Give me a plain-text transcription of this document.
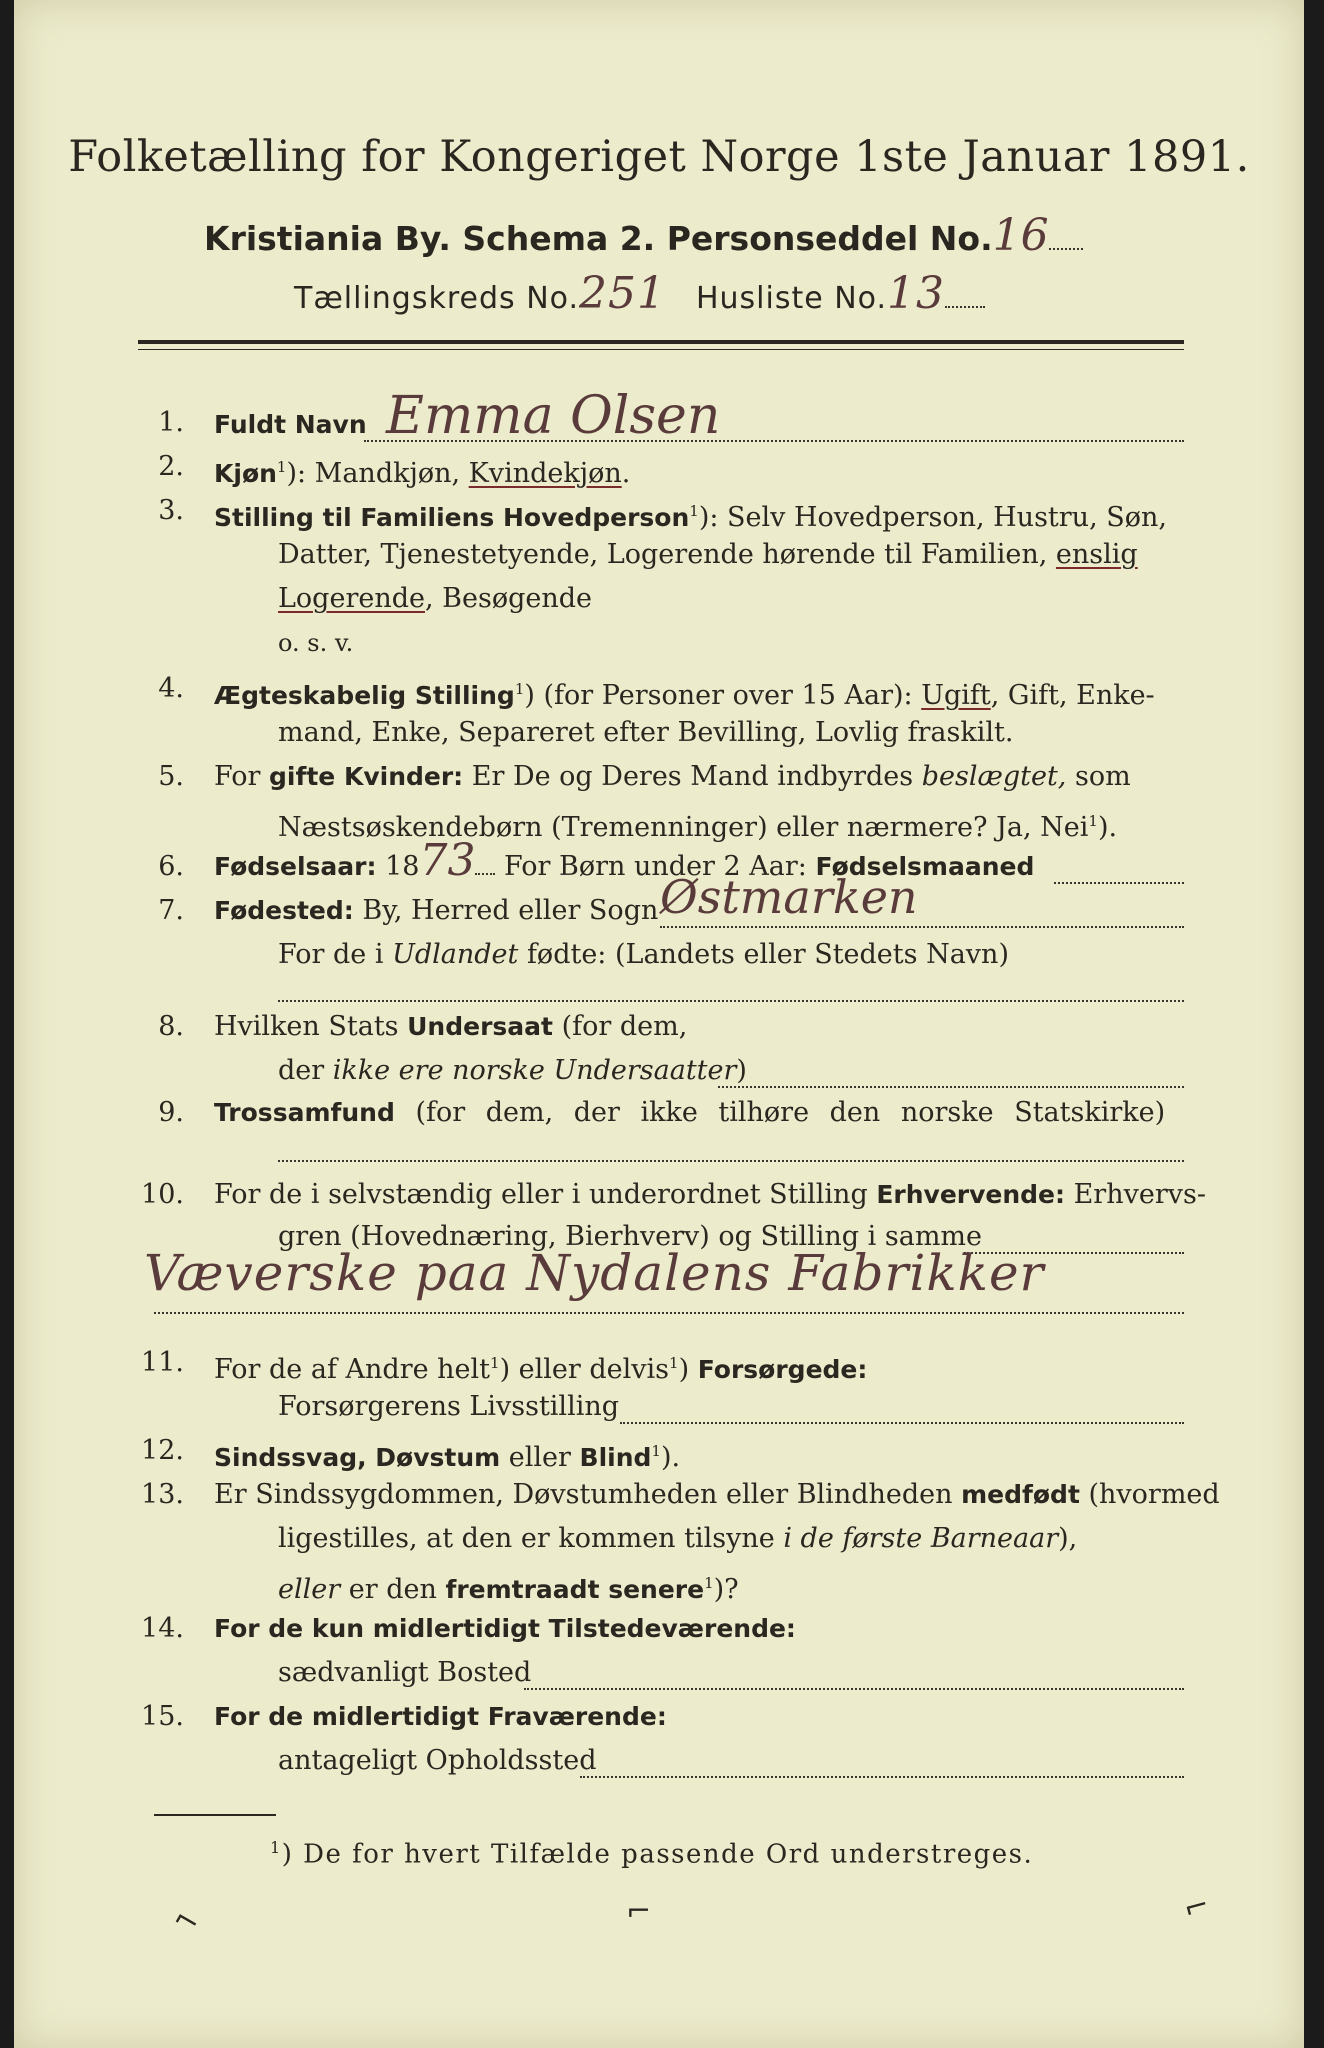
Folketælling for Kongeriget Norge 1ste Januar 1891.
Kristiania By. Schema 2. Personseddel No.16
Tællingskreds No.251 Husliste No.13
1. Fuldt Navn Emma Olsen
2. Kjøn$^1$): Mandkjøn, Kvindekjøn.
3. Stilling til Familiens Hovedperson$^1$): Selv Hovedperson, Hustru, Søn,
Datter, Tjenestetyende, Logerende hørende til Familien, enslig
Logerende, Besøgende
o. s. v.
4. Ægteskabelig Stilling$^1$) (for Personer over 15 Aar): Ugift, Gift, Enke-
mand, Enke, Separeret efter Bevilling, Lovlig fraskilt.
5. For gifte Kvinder: Er De og Deres Mand indbyrdes beslægtet, som
Næstsøskendebørn (Tremenninger) eller nærmere? Ja, Nei$^1$).
6. Fødselsaar: 1873 For Børn under 2 Aar: Fødselsmaaned
7. Fødested: By, Herred eller Sogn Østmarken
For de i Udlandet fødte: (Landets eller Stedets Navn)
8. Hvilken Stats Undersaat (for dem,
der ikke ere norske Undersaatter)
9. Trossamfund (for dem, der ikke tilhøre den norske Statskirke)
10. For de i selvstændig eller i underordnet Stilling Erhvervende: Erhvervs-
gren (Hovednæring, Bierhverv) og Stilling i samme
Væverske paa Nydalens Fabrikker
11. For de af Andre helt$^1$) eller delvis$^1$) Forsørgede:
Forsørgerens Livsstilling
12. Sindssvag, Døvstum eller Blind$^1$).
13. Er Sindssygdommen, Døvstumheden eller Blindheden medfødt (hvormed
ligestilles, at den er kommen tilsyne i de første Barneaar),
eller er den fremtraadt senere$^1$)?
14. For de kun midlertidigt Tilstedeværende:
sædvanligt Bosted
15. For de midlertidigt Fraværende:
antageligt Opholdssted
$^1$) De for hvert Tilfælde passende Ord understreges.
⌐	⌐	⌐
